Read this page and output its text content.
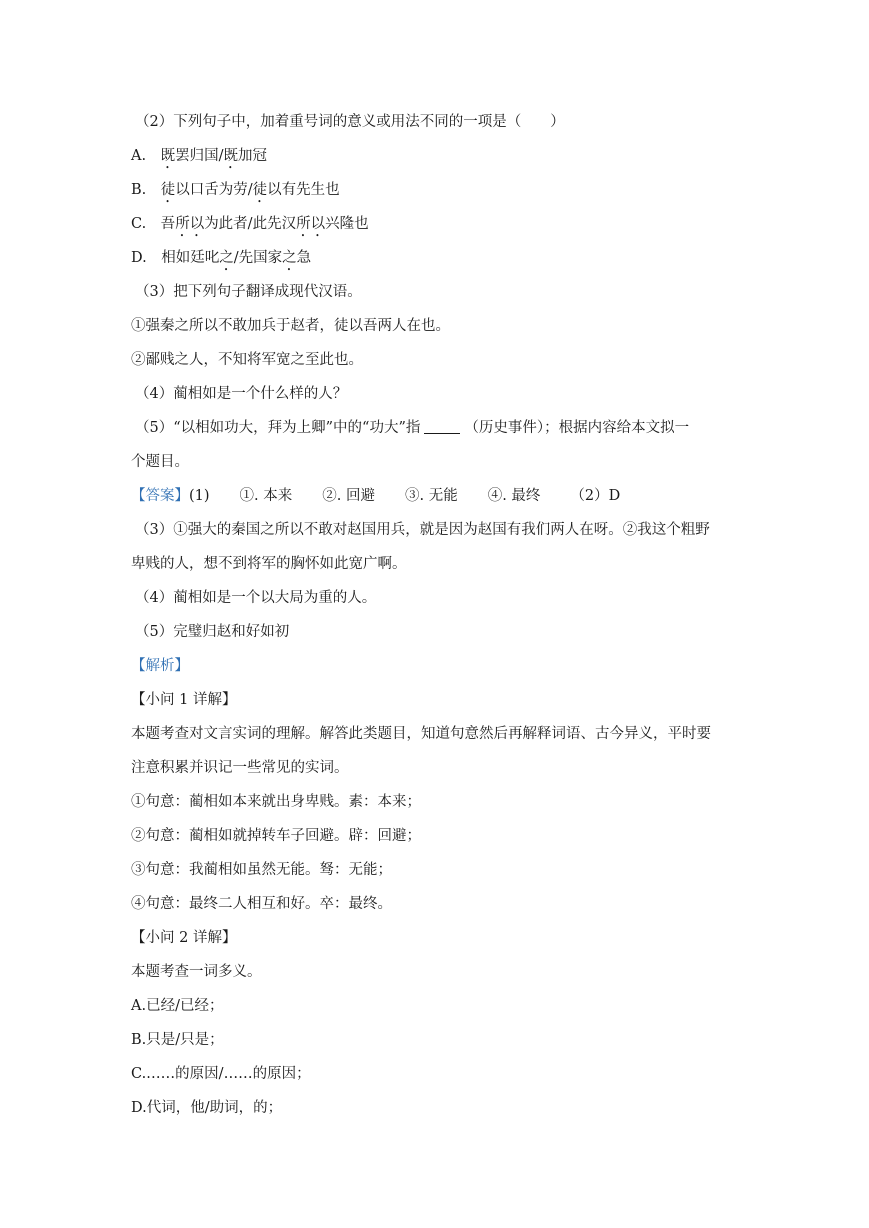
（2）下列句子中，加着重号词的意义或用法不同的一项是（　　）
A.　既罢归国/既加冠
B.　徒以口舌为劳/徒以有先生也
C.　吾所以为此者/此先汉所以兴隆也
D.　相如廷叱之/先国家之急
（3）把下列句子翻译成现代汉语。
①强秦之所以不敢加兵于赵者，徒以吾两人在也。
②鄙贱之人，不知将军宽之至此也。
（4）蔺相如是一个什么样的人？
（5）“以相如功大，拜为上卿”中的“功大”指	（历史事件）；根据内容给本文拟一
个题目。
【答案】(1) ①. 本来 ②. 回避 ③. 无能 ④. 最终 （2）D
（3）①强大的秦国之所以不敢对赵国用兵，就是因为赵国有我们两人在呀。②我这个粗野
卑贱的人，想不到将军的胸怀如此宽广啊。
（4）蔺相如是一个以大局为重的人。
（5）完璧归赵和好如初
【解析】
【小问 1 详解】
本题考查对文言实词的理解。解答此类题目，知道句意然后再解释词语、古今异义，平时要
注意积累并识记一些常见的实词。
①句意：蔺相如本来就出身卑贱。素：本来；
②句意：蔺相如就掉转车子回避。辟：回避；
③句意：我蔺相如虽然无能。驽：无能；
④句意：最终二人相互和好。卒：最终。
【小问 2 详解】
本题考查一词多义。
A.已经/已经；
B.只是/只是；
C.……的原因/……的原因；
D.代词，他/助词，的；
